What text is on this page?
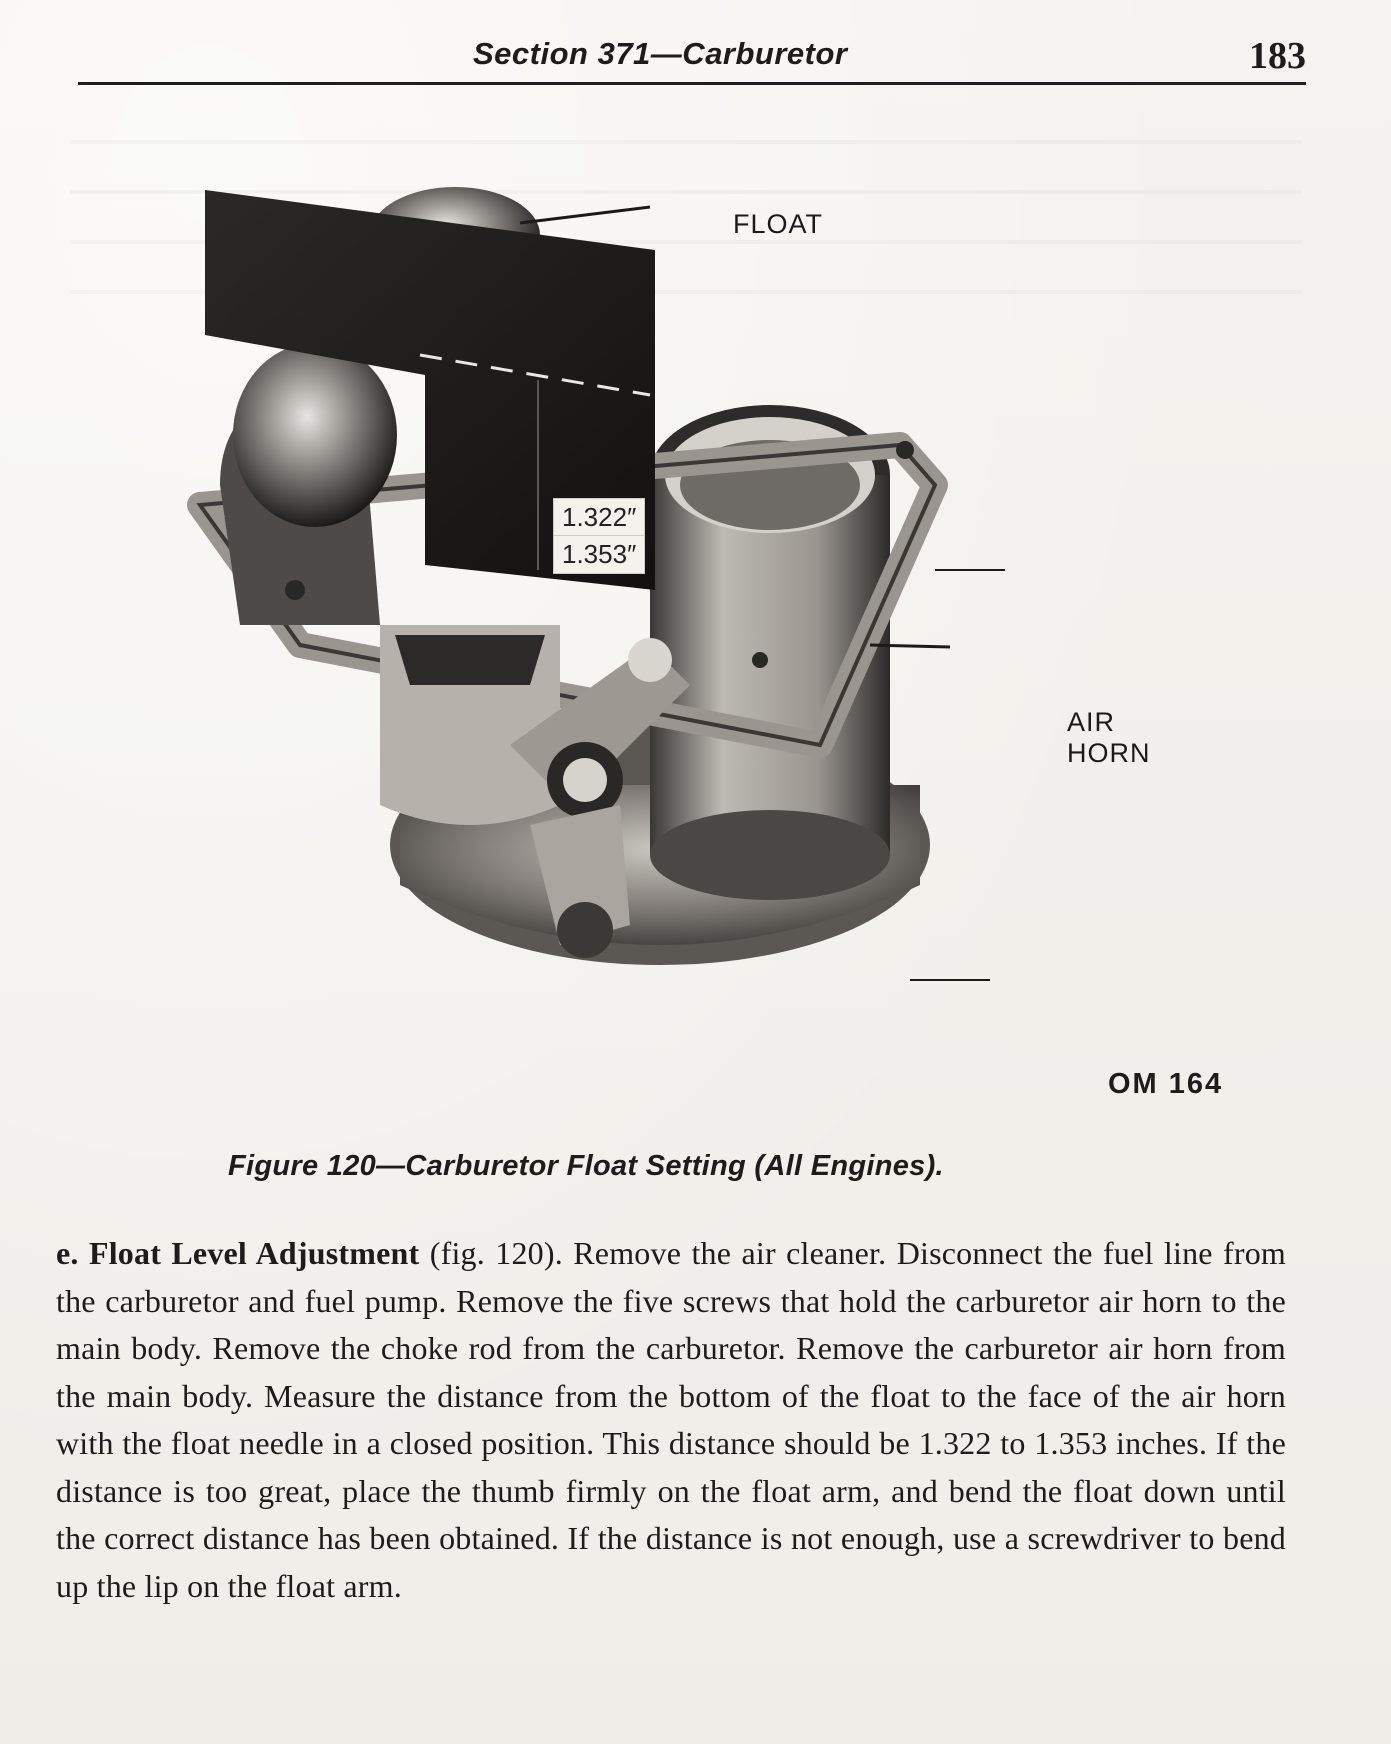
Section 371—Carburetor	183
FLOAT
AIR HORN
1.322″
1.353″
OM 164
Figure 120—Carburetor Float Setting (All Engines).
e. Float Level Adjustment (fig. 120). Remove the air cleaner. Disconnect the fuel line from the carburetor and fuel pump. Remove the five screws that hold the carburetor air horn to the main body. Remove the choke rod from the carburetor. Remove the carburetor air horn from the main body. Measure the distance from the bottom of the float to the face of the air horn with the float needle in a closed position. This distance should be 1.322 to 1.353 inches. If the distance is too great, place the thumb firmly on the float arm, and bend the float down until the correct distance has been obtained. If the distance is not enough, use a screwdriver to bend up the lip on the float arm.
